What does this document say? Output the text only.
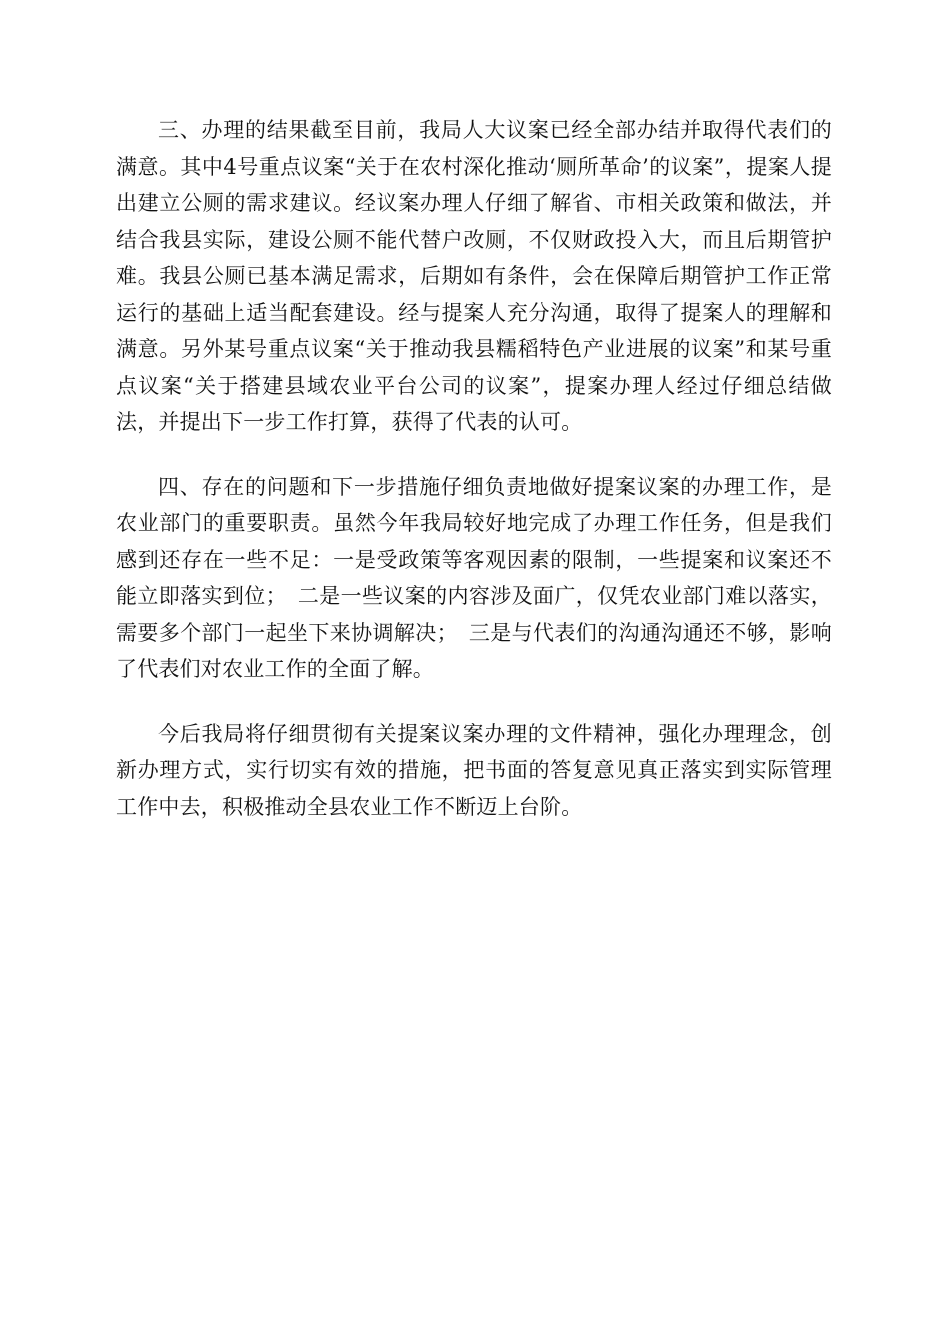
三、办理的结果截至目前，我局人大议案已经全部办结并取得代表们的满意。其中4号重点议案“关于在农村深化推动‘厕所革命’的议案”，提案人提出建立公厕的需求建议。经议案办理人仔细了解省、市相关政策和做法，并结合我县实际，建设公厕不能代替户改厕，不仅财政投入大，而且后期管护难。我县公厕已基本满足需求，后期如有条件，会在保障后期管护工作正常运行的基础上适当配套建设。经与提案人充分沟通，取得了提案人的理解和满意。另外某号重点议案“关于推动我县糯稻特色产业进展的议案”和某号重点议案“关于搭建县域农业平台公司的议案”，提案办理人经过仔细总结做法，并提出下一步工作打算，获得了代表的认可。

四、存在的问题和下一步措施仔细负责地做好提案议案的办理工作，是农业部门的重要职责。虽然今年我局较好地完成了办理工作任务，但是我们感到还存在一些不足：一是受政策等客观因素的限制，一些提案和议案还不能立即落实到位；　二是一些议案的内容涉及面广，仅凭农业部门难以落实，需要多个部门一起坐下来协调解决；　三是与代表们的沟通沟通还不够，影响了代表们对农业工作的全面了解。

今后我局将仔细贯彻有关提案议案办理的文件精神，强化办理理念，创新办理方式，实行切实有效的措施，把书面的答复意见真正落实到实际管理工作中去，积极推动全县农业工作不断迈上台阶。
